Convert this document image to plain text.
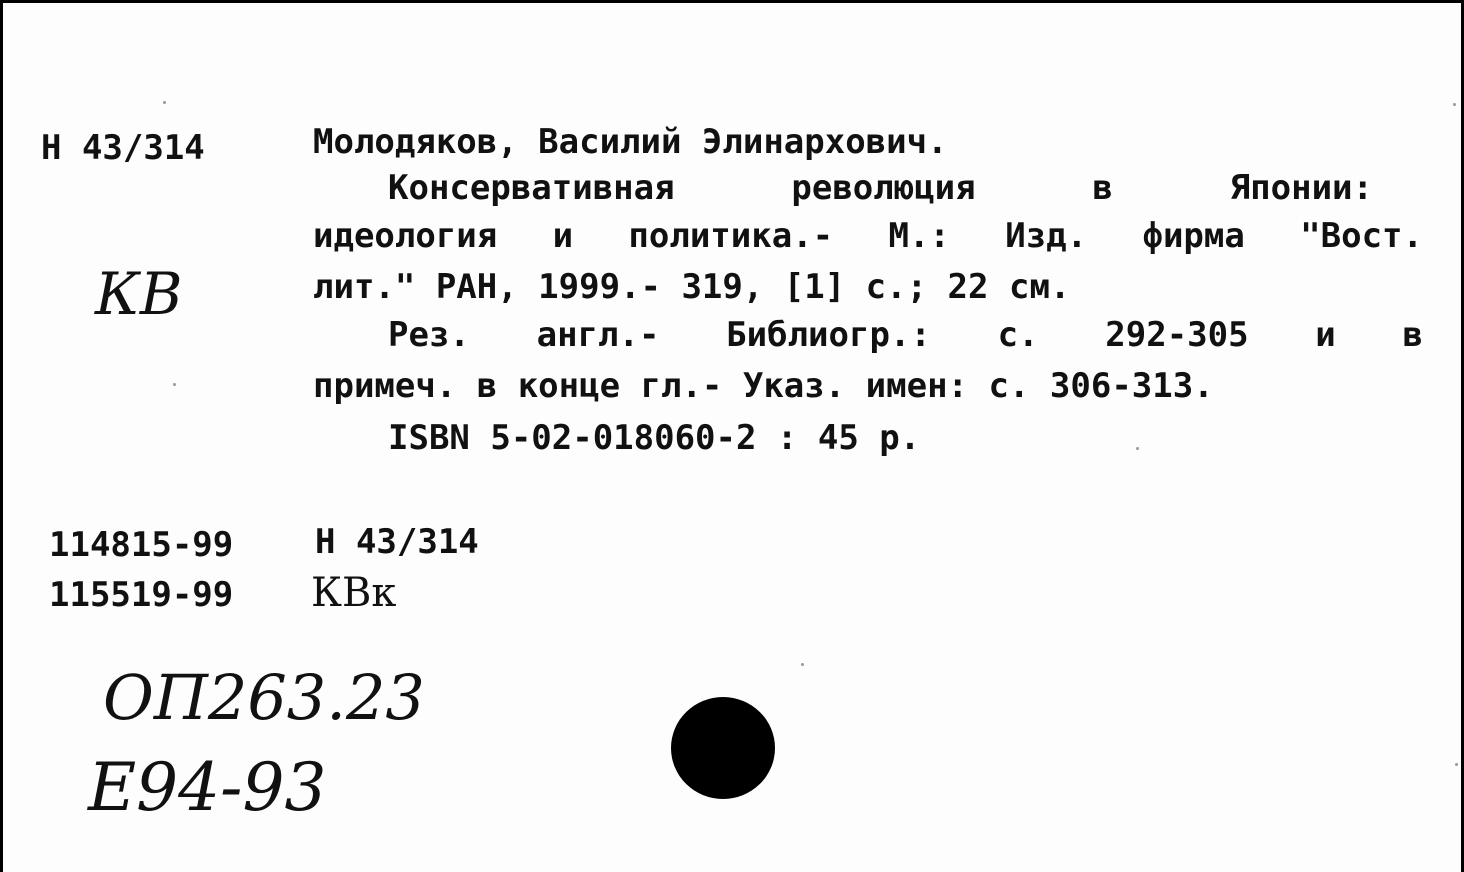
Н 43/314	Молодяков, Василий Элинархович.
Консервативная революция в Японии:
идеология и политика.- М.: Изд. фирма "Вост.
лит." РАН, 1999.- 319, [1] с.; 22 см.
Рез. англ.- Библиогр.: с. 292-305 и в
примеч. в конце гл.- Указ. имен: с. 306-313.
ISBN 5-02-018060-2 : 45 р.
КВ
114815-99 Н 43/314
115519-99 КВк
ОП263.23
Е94-93
